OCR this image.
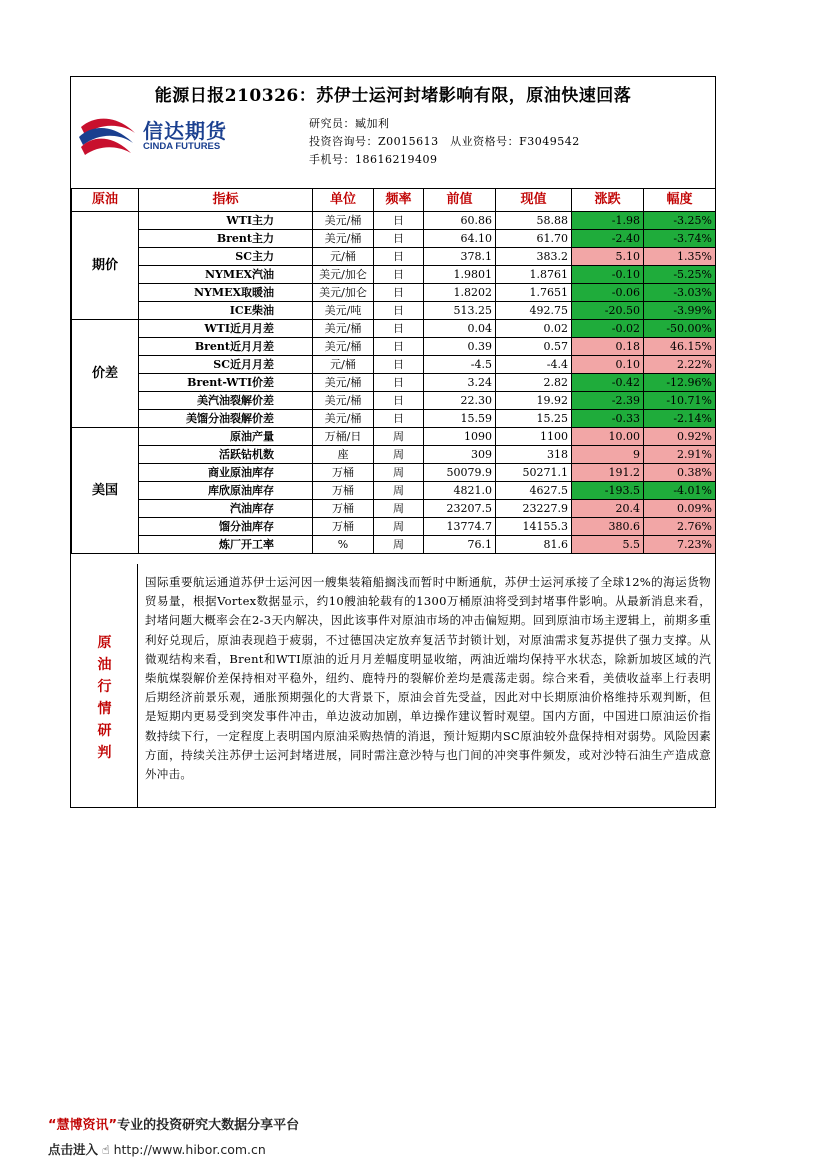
能源日报210326：苏伊士运河封堵影响有限，原油快速回落
信达期货
CINDA FUTURES
研究员：臧加利
投资咨询号：Z0015613　从业资格号：F3049542
手机号：18616219409
原油	指标	单位	频率	前值	现值	涨跌	幅度
期价	WTI主力	美元/桶	日	60.86	58.88	-1.98	-3.25%
	Brent主力	美元/桶	日	64.10	61.70	-2.40	-3.74%
	SC主力	元/桶	日	378.1	383.2	5.10	1.35%
	NYMEX汽油	美元/加仑	日	1.9801	1.8761	-0.10	-5.25%
	NYMEX取暖油	美元/加仑	日	1.8202	1.7651	-0.06	-3.03%
	ICE柴油	美元/吨	日	513.25	492.75	-20.50	-3.99%
价差	WTI近月月差	美元/桶	日	0.04	0.02	-0.02	-50.00%
	Brent近月月差	美元/桶	日	0.39	0.57	0.18	46.15%
	SC近月月差	元/桶	日	-4.5	-4.4	0.10	2.22%
	Brent-WTI价差	美元/桶	日	3.24	2.82	-0.42	-12.96%
	美汽油裂解价差	美元/桶	日	22.30	19.92	-2.39	-10.71%
	美馏分油裂解价差	美元/桶	日	15.59	15.25	-0.33	-2.14%
美国	原油产量	万桶/日	周	1090	1100	10.00	0.92%
	活跃钻机数	座	周	309	318	9	2.91%
	商业原油库存	万桶	周	50079.9	50271.1	191.2	0.38%
	库欣原油库存	万桶	周	4821.0	4627.5	-193.5	-4.01%
	汽油库存	万桶	周	23207.5	23227.9	20.4	0.09%
	馏分油库存	万桶	周	13774.7	14155.3	380.6	2.76%
	炼厂开工率	%	周	76.1	81.6	5.5	7.23%
原
油
行
情
研
判
国际重要航运通道苏伊士运河因一艘集装箱船搁浅而暂时中断通航，苏伊士运河承接了全球12%的海运货物贸易量，根据Vortex数据显示，约10艘油轮载有的1300万桶原油将受到封堵事件影响。从最新消息来看，封堵问题大概率会在2-3天内解决，因此该事件对原油市场的冲击偏短期。回到原油市场主逻辑上，前期多重利好兑现后，原油表现趋于疲弱，不过德国决定放弃复活节封锁计划，对原油需求复苏提供了强力支撑。从微观结构来看，Brent和WTI原油的近月月差幅度明显收缩，两油近端均保持平水状态，除新加坡区域的汽柴航煤裂解价差保持相对平稳外，纽约、鹿特丹的裂解价差均是震荡走弱。综合来看，美债收益率上行表明后期经济前景乐观，通胀预期强化的大背景下，原油会首先受益，因此对中长期原油价格维持乐观判断，但是短期内更易受到突发事件冲击，单边波动加剧，单边操作建议暂时观望。国内方面，中国进口原油运价指数持续下行，一定程度上表明国内原油采购热情的消退，预计短期内SC原油较外盘保持相对弱势。风险因素方面，持续关注苏伊士运河封堵进展，同时需注意沙特与也门间的冲突事件频发，或对沙特石油生产造成意外冲击。
“慧博资讯”专业的投资研究大数据分享平台
点击进入 ☝ http://www.hibor.com.cn
